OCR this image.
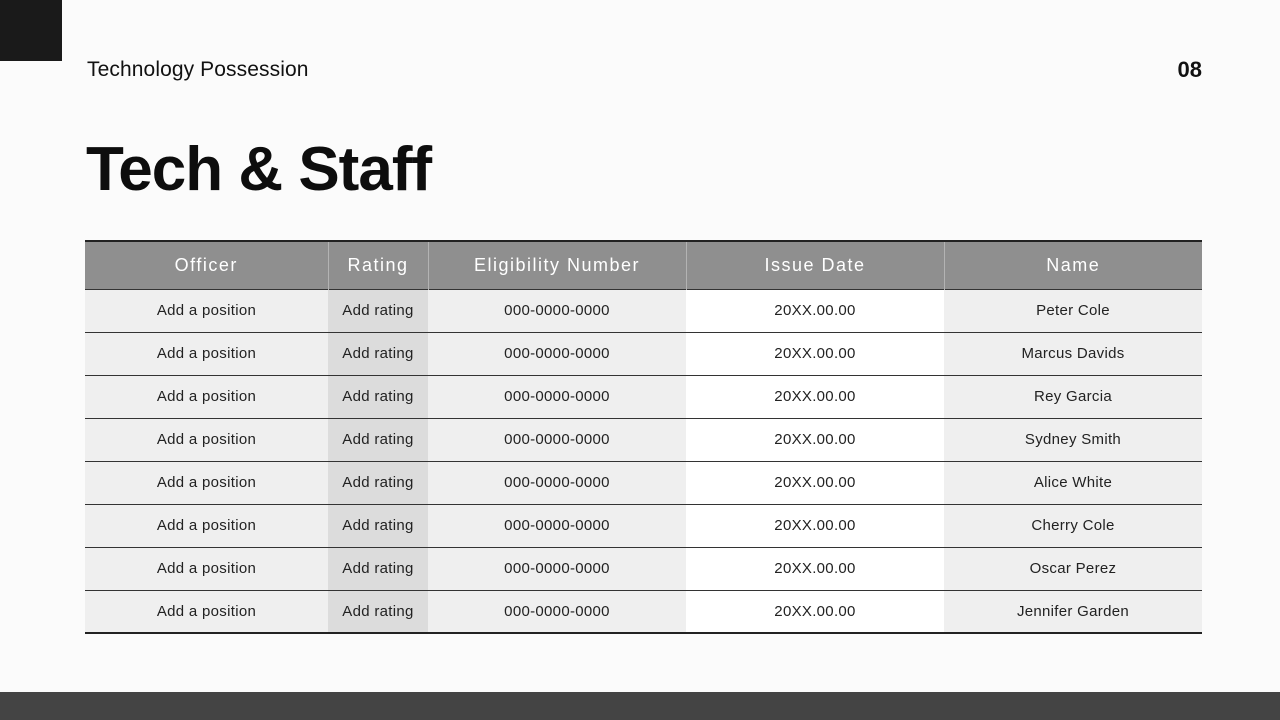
Technology Possession	08
Tech & Staff
Officer	Rating	Eligibility Number	Issue Date	Name
Add a position	Add rating	000-0000-0000	20XX.00.00	Peter Cole
Add a position	Add rating	000-0000-0000	20XX.00.00	Marcus Davids
Add a position	Add rating	000-0000-0000	20XX.00.00	Rey Garcia
Add a position	Add rating	000-0000-0000	20XX.00.00	Sydney Smith
Add a position	Add rating	000-0000-0000	20XX.00.00	Alice White
Add a position	Add rating	000-0000-0000	20XX.00.00	Cherry Cole
Add a position	Add rating	000-0000-0000	20XX.00.00	Oscar Perez
Add a position	Add rating	000-0000-0000	20XX.00.00	Jennifer Garden
